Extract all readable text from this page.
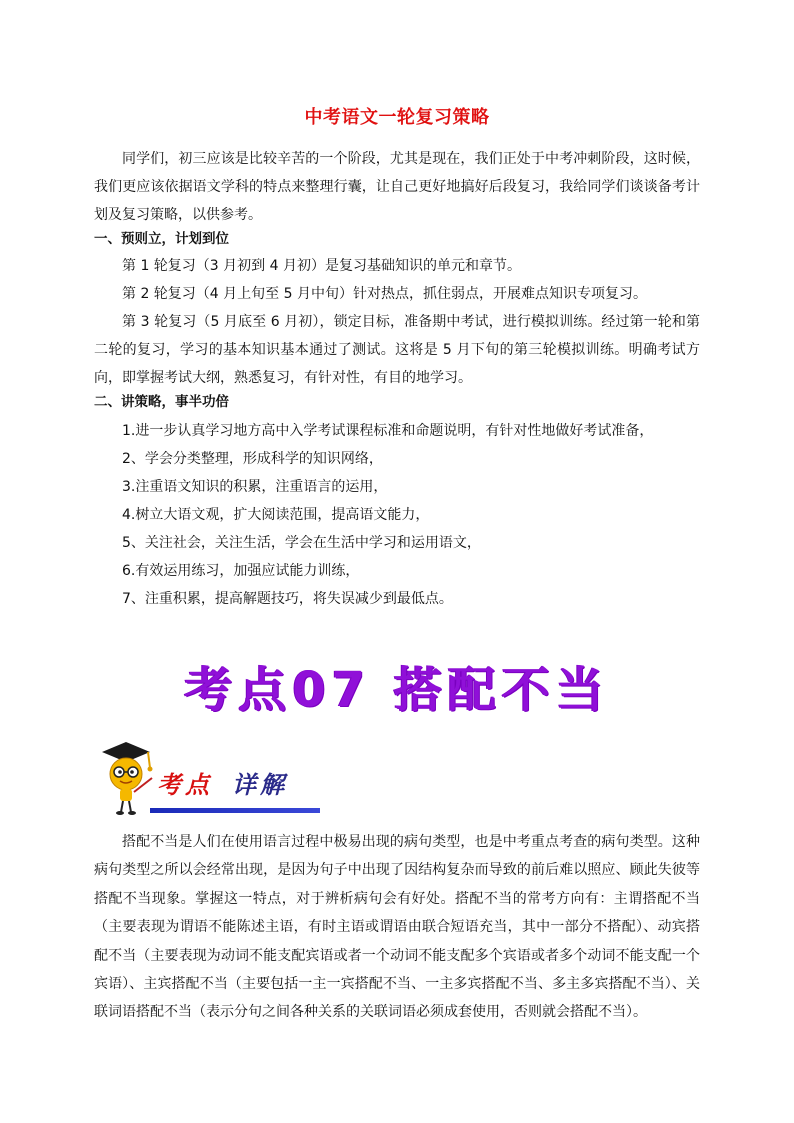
中考语文一轮复习策略
同学们，初三应该是比较辛苦的一个阶段，尤其是现在，我们正处于中考冲刺阶段，这时候，我们更应该依据语文学科的特点来整理行囊，让自己更好地搞好后段复习，我给同学们谈谈备考计划及复习策略，以供参考。
一、预则立，计划到位
第 1 轮复习（3 月初到 4 月初）是复习基础知识的单元和章节。
第 2 轮复习（4 月上旬至 5 月中旬）针对热点，抓住弱点，开展难点知识专项复习。
第 3 轮复习（5 月底至 6 月初），锁定目标，准备期中考试，进行模拟训练。经过第一轮和第二轮的复习，学习的基本知识基本通过了测试。这将是 5 月下旬的第三轮模拟训练。明确考试方向，即掌握考试大纲，熟悉复习，有针对性，有目的地学习。
二、讲策略，事半功倍
1.进一步认真学习地方高中入学考试课程标准和命题说明，有针对性地做好考试准备，
2、学会分类整理，形成科学的知识网络，
3.注重语文知识的积累，注重语言的运用，
4.树立大语文观，扩大阅读范围，提高语文能力，
5、关注社会，关注生活，学会在生活中学习和运用语文，
6.有效运用练习，加强应试能力训练，
7、注重积累，提高解题技巧，将失误减少到最低点。
考点07 搭配不当
考点 详解
搭配不当是人们在使用语言过程中极易出现的病句类型，也是中考重点考查的病句类型。这种病句类型之所以会经常出现，是因为句子中出现了因结构复杂而导致的前后难以照应、顾此失彼等搭配不当现象。掌握这一特点，对于辨析病句会有好处。搭配不当的常考方向有：主谓搭配不当（主要表现为谓语不能陈述主语，有时主语或谓语由联合短语充当，其中一部分不搭配）、动宾搭配不当（主要表现为动词不能支配宾语或者一个动词不能支配多个宾语或者多个动词不能支配一个宾语）、主宾搭配不当（主要包括一主一宾搭配不当、一主多宾搭配不当、多主多宾搭配不当）、关联词语搭配不当（表示分句之间各种关系的关联词语必须成套使用，否则就会搭配不当）。
